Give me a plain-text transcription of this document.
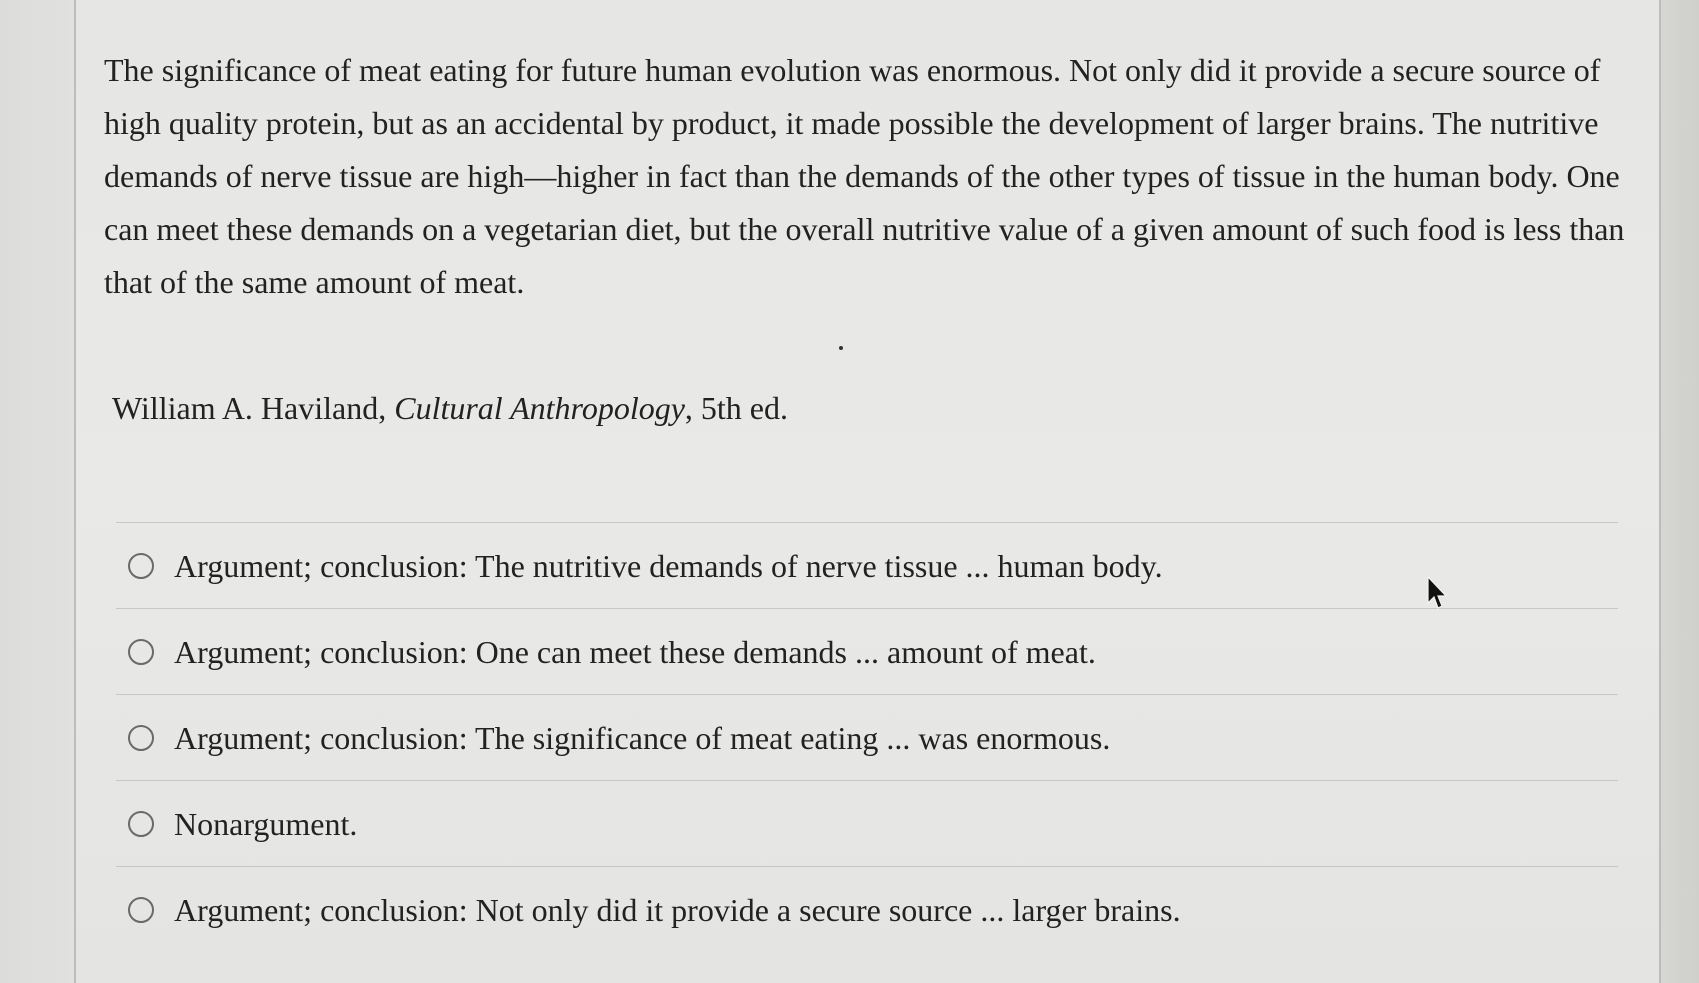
The significance of meat eating for future human evolution was enormous. Not only did it provide a secure source of high quality protein, but as an accidental by product, it made possible the development of larger brains. The nutritive demands of nerve tissue are high—higher in fact than the demands of the other types of tissue in the human body. One can meet these demands on a vegetarian diet, but the overall nutritive value of a given amount of such food is less than that of the same amount of meat.

William A. Haviland, Cultural Anthropology, 5th ed.

Argument; conclusion: The nutritive demands of nerve tissue ... human body.
Argument; conclusion: One can meet these demands ... amount of meat.
Argument; conclusion: The significance of meat eating ... was enormous.
Nonargument.
Argument; conclusion: Not only did it provide a secure source ... larger brains.
